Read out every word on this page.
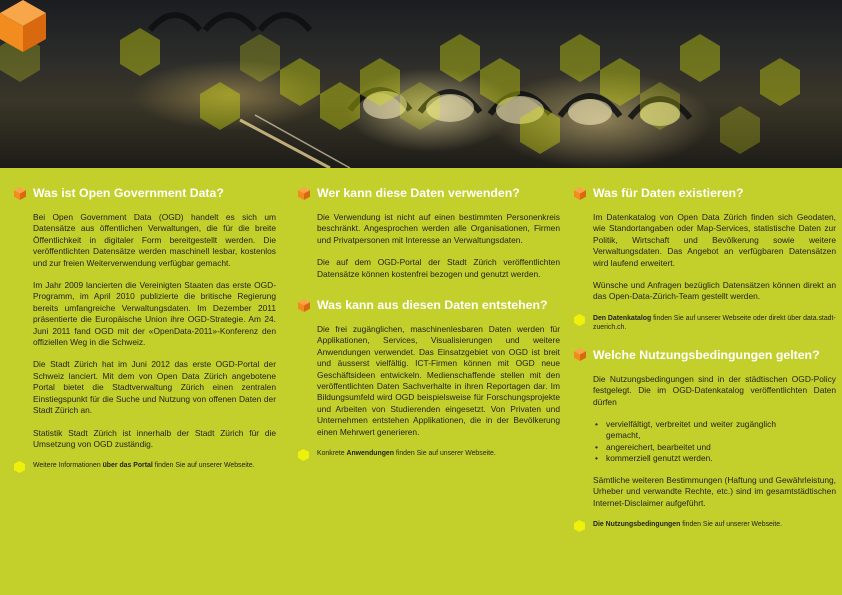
Was ist Open Government Data?

Bei Open Government Data (OGD) handelt es sich um Datensätze aus öffentlichen Verwaltungen, die für die breite Öffentlichkeit in digitaler Form bereitgestellt werden. Die veröffentlichten Datensätze werden maschinell lesbar, kostenlos und zur freien Weiterverwendung verfügbar gemacht.

Im Jahr 2009 lancierten die Vereinigten Staaten das erste OGD-Programm, im April 2010 publizierte die britische Regierung bereits umfangreiche Verwaltungsdaten. Im Dezember 2011 präsentierte die Europäische Union ihre OGD-Strategie. Am 24. Juni 2011 fand OGD mit der «OpenData-2011»-Konferenz den offiziellen Weg in die Schweiz.

Die Stadt Zürich hat im Juni 2012 das erste OGD-Portal der Schweiz lanciert. Mit dem von Open Data Zürich angebotene Portal bietet die Stadtverwaltung Zürich einen zentralen Einstiegspunkt für die Suche und Nutzung von offenen Daten der Stadt Zürich an.

Statistik Stadt Zürich ist innerhalb der Stadt Zürich für die Umsetzung von OGD zuständig.

Weitere Informationen über das Portal finden Sie auf unserer Webseite.
Wer kann diese Daten verwenden?

Die Verwendung ist nicht auf einen bestimmten Personenkreis beschränkt. Angesprochen werden alle Organisationen, Firmen und Privatpersonen mit Interesse an Verwaltungsdaten.

Die auf dem OGD-Portal der Stadt Zürich veröffentlichten Datensätze können kostenfrei bezogen und genutzt werden.

Was kann aus diesen Daten entstehen?

Die frei zugänglichen, maschinenlesbaren Daten werden für Applikationen, Services, Visualisierungen und weitere Anwendungen verwendet. Das Einsatzgebiet von OGD ist breit und äusserst vielfältig. ICT-Firmen können mit OGD neue Geschäftsideen entwickeln. Medienschaffende stellen mit den veröffentlichten Daten Sachverhalte in ihren Reportagen dar. Im Bildungsumfeld wird OGD beispielsweise für Forschungsprojekte und Arbeiten von Studierenden eingesetzt. Von Privaten und Unternehmen entstehen Applikationen, die in der Bevölkerung einen Mehrwert generieren.

Konkrete Anwendungen finden Sie auf unserer Webseite.
Was für Daten existieren?

Im Datenkatalog von Open Data Zürich finden sich Geodaten, wie Standortangaben oder Map-Services, statistische Daten zur Politik, Wirtschaft und Bevölkerung sowie weitere Verwaltungsdaten. Das Angebot an verfügbaren Datensätzen wird laufend erweitert.

Wünsche und Anfragen bezüglich Datensätzen können direkt an das Open-Data-Zürich-Team gestellt werden.

Den Datenkatalog finden Sie auf unserer Webseite oder direkt über data.stadt-zuerich.ch.
Welche Nutzungsbedingungen gelten?

Die Nutzungsbedingungen sind in der städtischen OGD-Policy festgelegt. Die im OGD-Datenkatalog veröffentlichten Daten dürfen

• vervielfältigt, verbreitet und weiter zugänglich gemacht,
• angereichert, bearbeitet und
• kommerziell genutzt werden.

Sämtliche weiteren Bestimmungen (Haftung und Gewährleistung, Urheber und verwandte Rechte, etc.) sind im gesamtstädtischen Internet-Disclaimer aufgeführt.

Die Nutzungsbedingungen finden Sie auf unserer Webseite.
